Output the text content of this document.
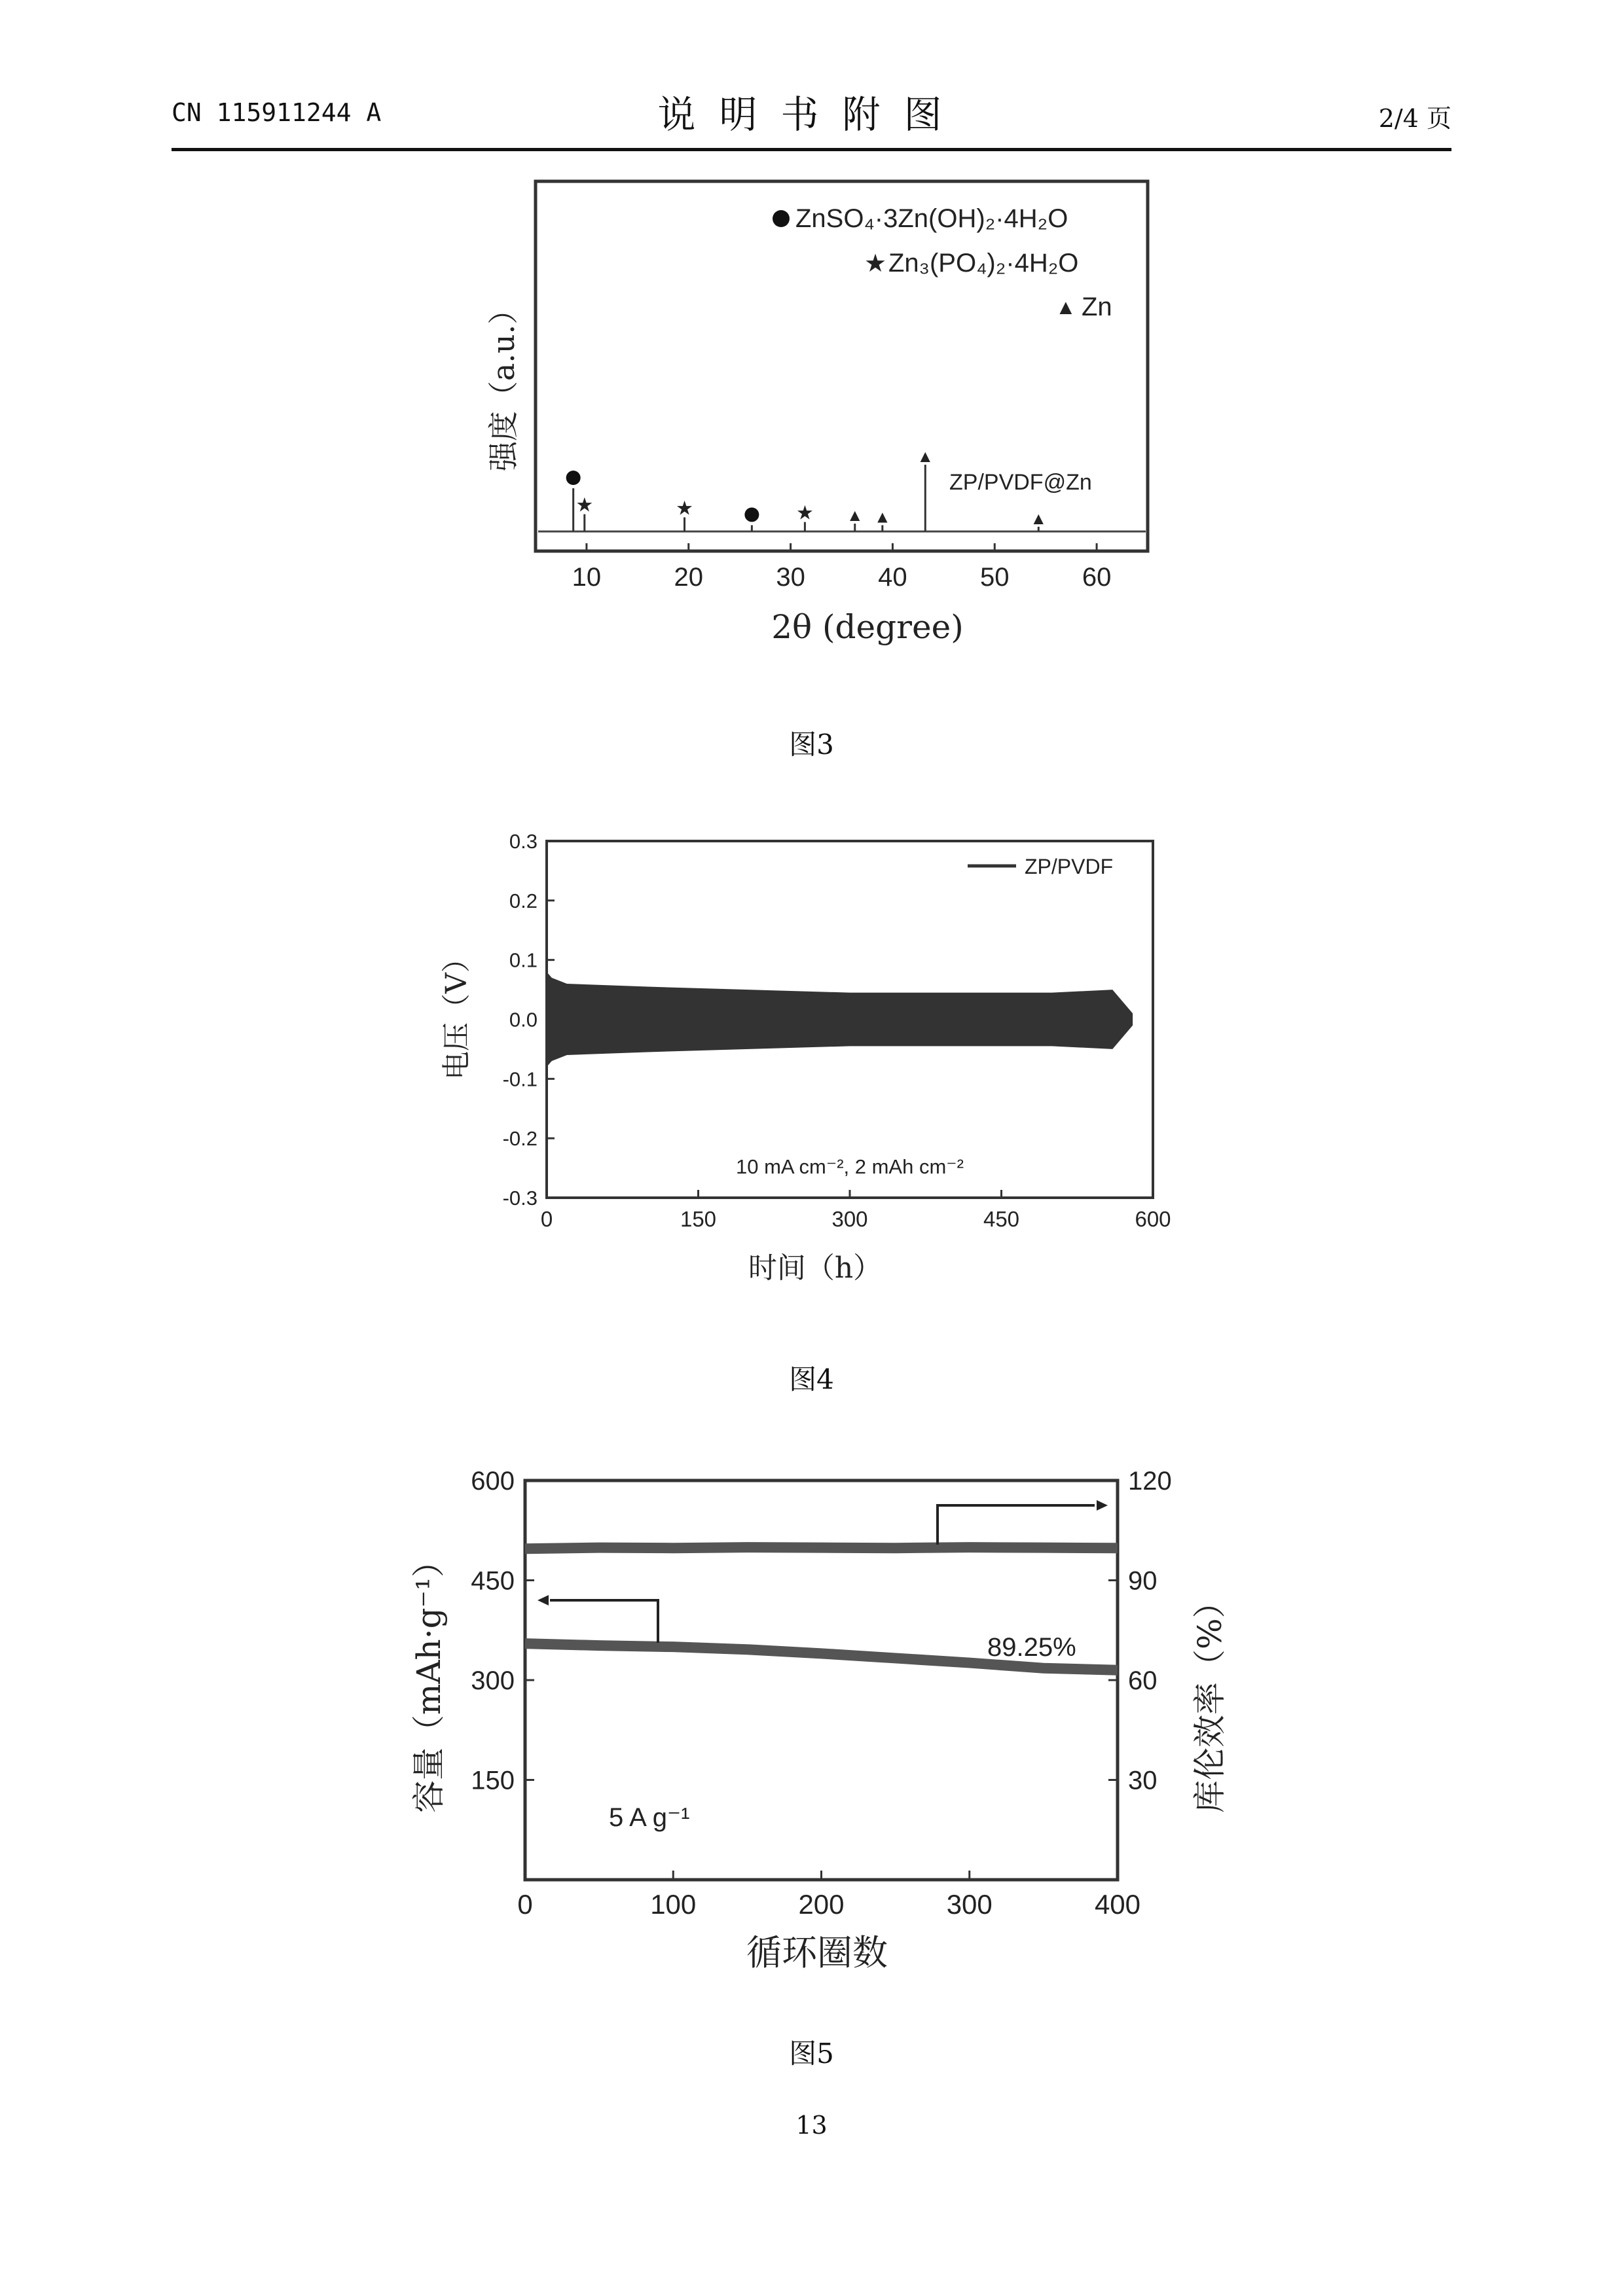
CN 115911244 A	说明书附图	2/4 页
★	★	★ ▲ ▲
▲
▲
10	20	30	40	50	60
ZP/PVDF@Zn
ZnSO₄·3Zn(OH)₂·4H₂O
★ Zn₃(PO₄)₂·4H₂O
▲ Zn
强度（a.u.）
2θ (degree)
0.3
0.2
0.1
0.0
-0.1
-0.2
-0.3
0	150	300	450	600
ZP/PVDF
10 mA cm⁻², 2 mAh cm⁻²
电压（V）
时间（h）
600
450
300
150
120
90
60
30
0	100	200	300	400
89.25%
5 A g⁻¹
容量（mAh·g⁻¹）	库伦效率（%）
循环圈数
图3
图4
图5
13
